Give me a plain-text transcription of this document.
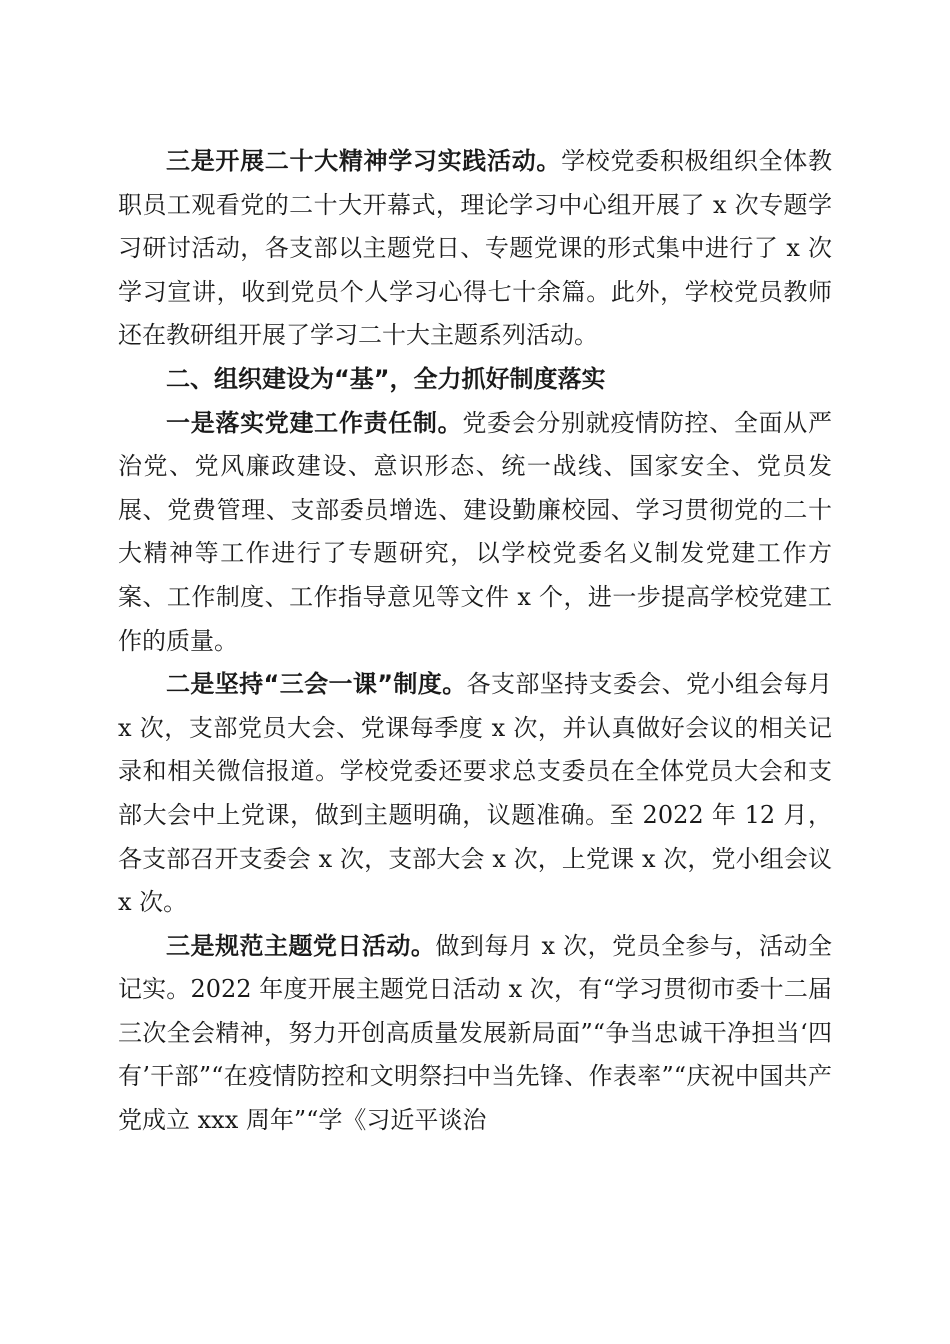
三是开展二十大精神学习实践活动。学校党委积极组织全体教职员工观看党的二十大开幕式，理论学习中心组开展了 x 次专题学习研讨活动，各支部以主题党日、专题党课的形式集中进行了 x 次学习宣讲，收到党员个人学习心得七十余篇。此外，学校党员教师还在教研组开展了学习二十大主题系列活动。

二、组织建设为“基”，全力抓好制度落实

一是落实党建工作责任制。党委会分别就疫情防控、全面从严治党、党风廉政建设、意识形态、统一战线、国家安全、党员发展、党费管理、支部委员增选、建设勤廉校园、学习贯彻党的二十大精神等工作进行了专题研究，以学校党委名义制发党建工作方案、工作制度、工作指导意见等文件 x 个，进一步提高学校党建工作的质量。

二是坚持“三会一课”制度。各支部坚持支委会、党小组会每月 x 次，支部党员大会、党课每季度 x 次，并认真做好会议的相关记录和相关微信报道。学校党委还要求总支委员在全体党员大会和支部大会中上党课，做到主题明确，议题准确。至 2022 年 12 月，各支部召开支委会 x 次，支部大会 x 次，上党课 x 次，党小组会议 x 次。

三是规范主题党日活动。做到每月 x 次，党员全参与，活动全记实。2022 年度开展主题党日活动 x 次，有“学习贯彻市委十二届三次全会精神，努力开创高质量发展新局面”“争当忠诚干净担当‘四有’干部”“在疫情防控和文明祭扫中当先锋、作表率”“庆祝中国共产党成立 xxx 周年”“学《习近平谈治
